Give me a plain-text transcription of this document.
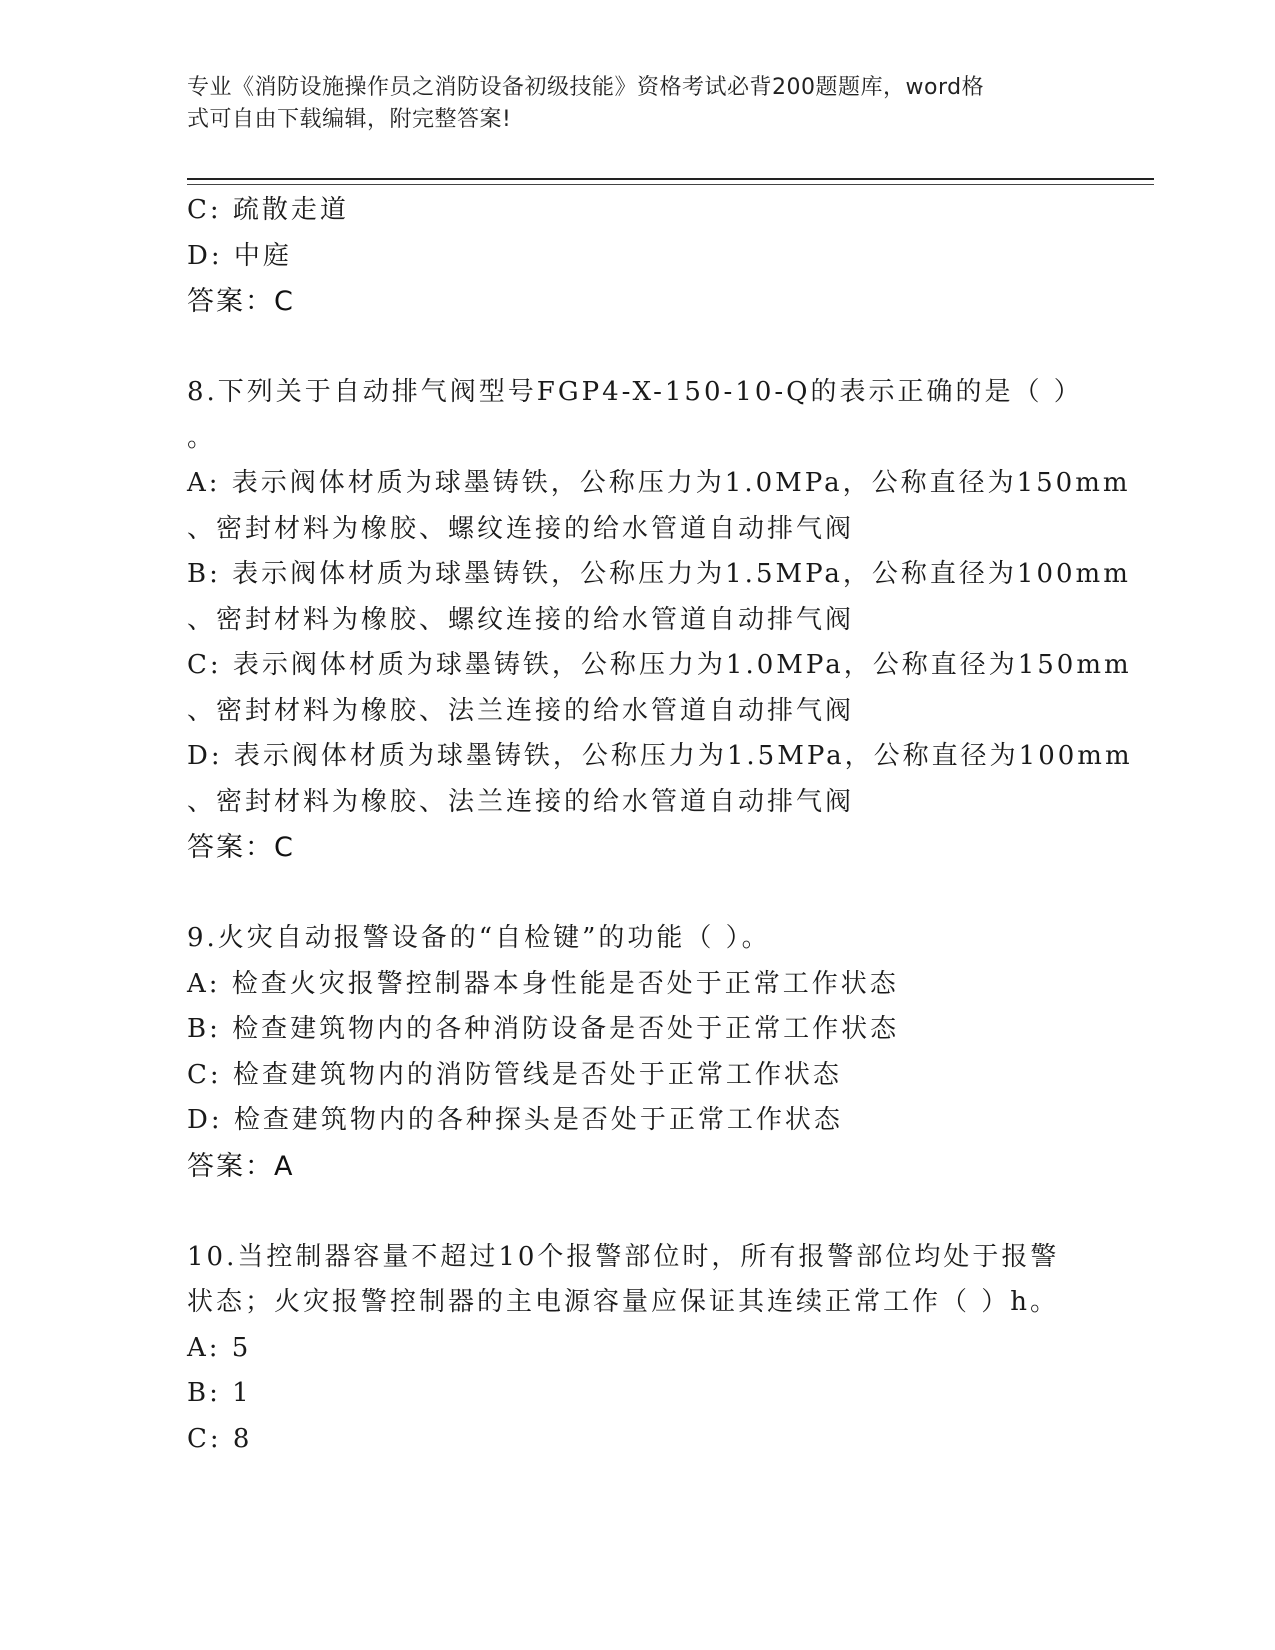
专业《消防设施操作员之消防设备初级技能》资格考试必背200题题库，word格
式可自由下载编辑，附完整答案!
C: 疏散走道
D: 中庭
答案：C
8.下列关于自动排气阀型号FGP4-X-150-10-Q的表示正确的是（ ）
。
A: 表示阀体材质为球墨铸铁，公称压力为1.0MPa，公称直径为150mm
、密封材料为橡胶、螺纹连接的给水管道自动排气阀
B: 表示阀体材质为球墨铸铁，公称压力为1.5MPa，公称直径为100mm
、密封材料为橡胶、螺纹连接的给水管道自动排气阀
C: 表示阀体材质为球墨铸铁，公称压力为1.0MPa，公称直径为150mm
、密封材料为橡胶、法兰连接的给水管道自动排气阀
D: 表示阀体材质为球墨铸铁，公称压力为1.5MPa，公称直径为100mm
、密封材料为橡胶、法兰连接的给水管道自动排气阀
答案：C
9.火灾自动报警设备的“自检键”的功能（ ）。
A: 检查火灾报警控制器本身性能是否处于正常工作状态
B: 检查建筑物内的各种消防设备是否处于正常工作状态
C: 检查建筑物内的消防管线是否处于正常工作状态
D: 检查建筑物内的各种探头是否处于正常工作状态
答案：A
10.当控制器容量不超过10个报警部位时，所有报警部位均处于报警
状态；火灾报警控制器的主电源容量应保证其连续正常工作（ ）h。
A: 5
B: 1
C: 8
